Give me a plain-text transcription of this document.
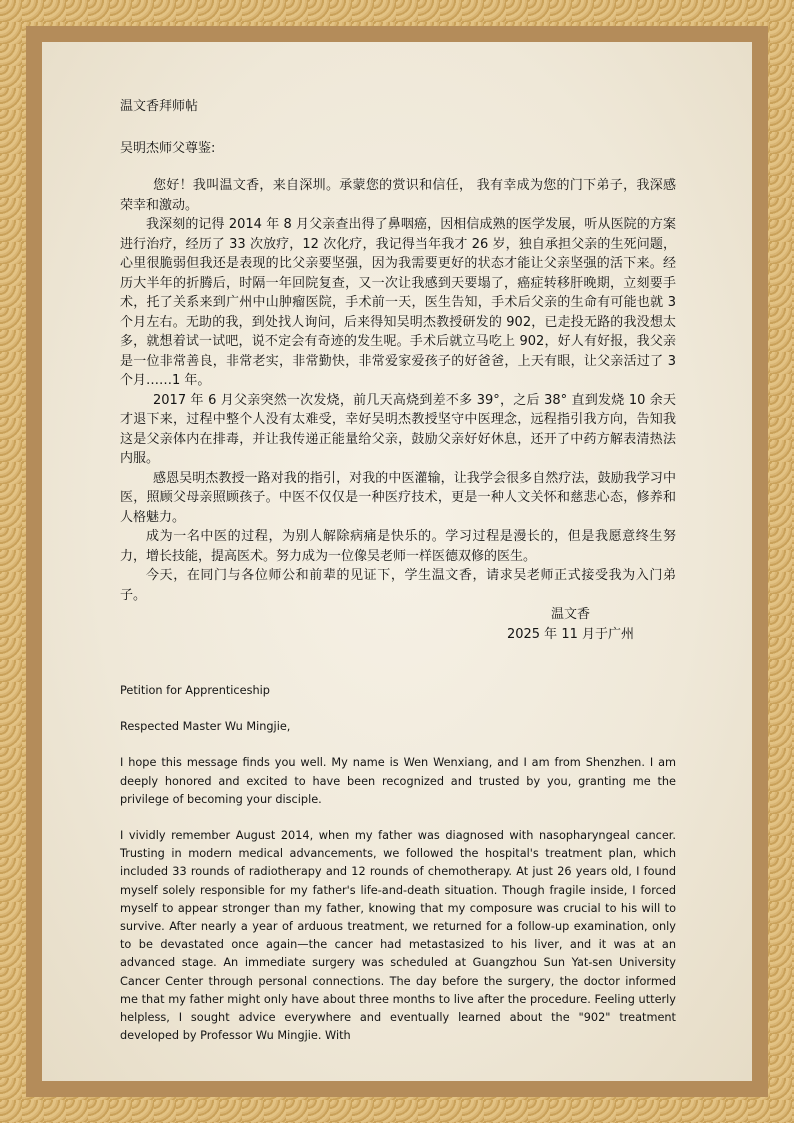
温文香拜师帖

吴明杰师父尊鉴:

您好！我叫温文香，来自深圳。承蒙您的赏识和信任， 我有幸成为您的门下弟子，我深感荣幸和激动。

我深刻的记得 2014 年 8 月父亲查出得了鼻咽癌，因相信成熟的医学发展，听从医院的方案进行治疗，经历了 33 次放疗，12 次化疗，我记得当年我才 26 岁，独自承担父亲的生死问题，心里很脆弱但我还是表现的比父亲要坚强，因为我需要更好的状态才能让父亲坚强的活下来。经历大半年的折腾后，时隔一年回院复查，又一次让我感到天要塌了，癌症转移肝晚期，立刻要手术，托了关系来到广州中山肿瘤医院，手术前一天，医生告知，手术后父亲的生命有可能也就 3 个月左右。无助的我，到处找人询问，后来得知吴明杰教授研发的 902，已走投无路的我没想太多，就想着试一试吧，说不定会有奇迹的发生呢。手术后就立马吃上 902，好人有好报，我父亲是一位非常善良，非常老实，非常勤快，非常爱家爱孩子的好爸爸，上天有眼，让父亲活过了 3 个月……1 年。

2017 年 6 月父亲突然一次发烧，前几天高烧到差不多 39°，之后 38° 直到发烧 10 余天才退下来，过程中整个人没有太难受，幸好吴明杰教授坚守中医理念，远程指引我方向，告知我这是父亲体内在排毒，并让我传递正能量给父亲，鼓励父亲好好休息，还开了中药方解表清热法内服。

感恩吴明杰教授一路对我的指引，对我的中医灌输，让我学会很多自然疗法，鼓励我学习中医，照顾父母亲照顾孩子。中医不仅仅是一种医疗技术，更是一种人文关怀和慈悲心态，修养和人格魅力。

成为一名中医的过程，为别人解除病痛是快乐的。学习过程是漫长的，但是我愿意终生努力，增长技能，提高医术。努力成为一位像吴老师一样医德双修的医生。

今天，在同门与各位师公和前辈的见证下，学生温文香，请求吴老师正式接受我为入门弟子。

温文香

2025 年 11 月于广州

Petition for Apprenticeship

Respected Master Wu Mingjie,

I hope this message finds you well. My name is Wen Wenxiang, and I am from Shenzhen. I am deeply honored and excited to have been recognized and trusted by you, granting me the privilege of becoming your disciple.

I vividly remember August 2014, when my father was diagnosed with nasopharyngeal cancer. Trusting in modern medical advancements, we followed the hospital's treatment plan, which included 33 rounds of radiotherapy and 12 rounds of chemotherapy. At just 26 years old, I found myself solely responsible for my father's life-and-death situation. Though fragile inside, I forced myself to appear stronger than my father, knowing that my composure was crucial to his will to survive. After nearly a year of arduous treatment, we returned for a follow-up examination, only to be devastated once again—the cancer had metastasized to his liver, and it was at an advanced stage. An immediate surgery was scheduled at Guangzhou Sun Yat-sen University Cancer Center through personal connections. The day before the surgery, the doctor informed me that my father might only have about three months to live after the procedure. Feeling utterly helpless, I sought advice everywhere and eventually learned about the "902" treatment developed by Professor Wu Mingjie. With
